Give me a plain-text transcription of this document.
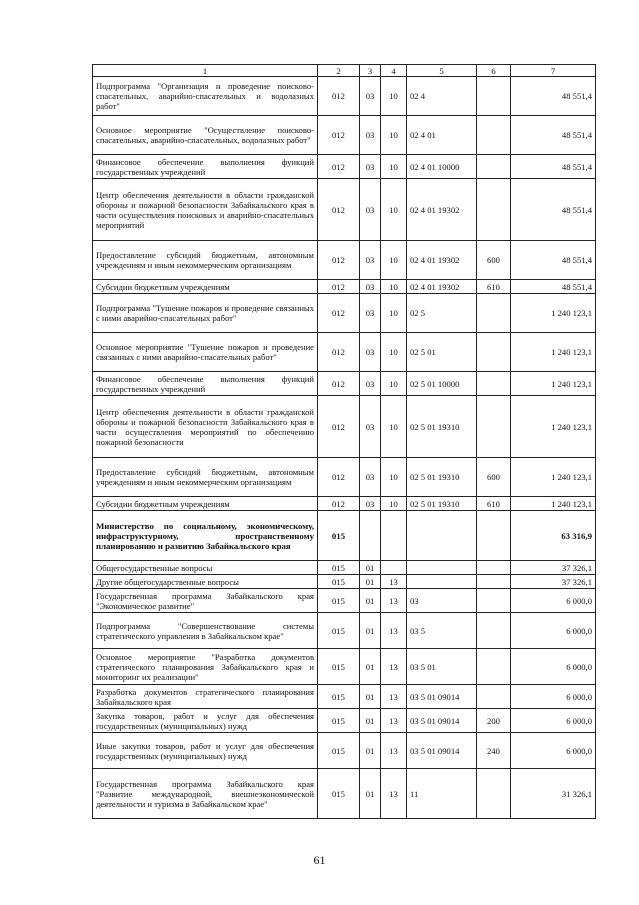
1	2	3	4	5	6	7
Подпрограмма "Организация и проведение поисково-спасательных, аварийно-спасательных и водолазных работ"	012	03	10	02 4		48 551,4
Основное мероприятие "Осуществление поисково-спасательных, аварийно-спасательных, водолазных работ"	012	03	10	02 4 01		48 551,4
Финансовое обеспечение выполнения функций государственных учреждений	012	03	10	02 4 01 10000		48 551,4
Центр обеспечения деятельности в области гражданской обороны и пожарной безопасности Забайкальского края в части осуществления поисковых и аварийно-спасательных мероприятий	012	03	10	02 4 01 19302		48 551,4
Предоставление субсидий бюджетным, автономным учреждениям и иным некоммерческим организациям	012	03	10	02 4 01 19302	600	48 551,4
Субсидии бюджетным учреждениям	012	03	10	02 4 01 19302	610	48 551,4
Подпрограмма "Тушение пожаров и проведение связанных с ними аварийно-спасательных работ"	012	03	10	02 5		1 240 123,1
Основное мероприятие "Тушение пожаров и проведение связанных с ними аварийно-спасательных работ"	012	03	10	02 5 01		1 240 123,1
Финансовое обеспечение выполнения функций государственных учреждений	012	03	10	02 5 01 10000		1 240 123,1
Центр обеспечения деятельности в области гражданской обороны и пожарной безопасности Забайкальского края в части осуществления мероприятий по обеспечению пожарной безопасности	012	03	10	02 5 01 19310		1 240 123,1
Предоставление субсидий бюджетным, автономным учреждениям и иным некоммерческим организациям	012	03	10	02 5 01 19310	600	1 240 123,1
Субсидии бюджетным учреждениям	012	03	10	02 5 01 19310	610	1 240 123,1
Министерство по социальному, экономическому, инфраструктурному, пространственному планированию и развитию Забайкальского края	015					63 316,9
Общегосударственные вопросы	015	01				37 326,1
Другие общегосударственные вопросы	015	01	13			37 326,1
Государственная программа Забайкальского края "Экономическое развитие"	015	01	13	03		6 000,0
Подпрограмма "Совершенствование системы стратегического управления в Забайкальском крае"	015	01	13	03 5		6 000,0
Основное мероприятие "Разработка документов стратегического планирования Забайкальского края и мониторинг их реализации"	015	01	13	03 5 01		6 000,0
Разработка документов стратегического планирования Забайкальского края	015	01	13	03 5 01 09014		6 000,0
Закупка товаров, работ и услуг для обеспечения государственных (муниципальных) нужд	015	01	13	03 5 01 09014	200	6 000,0
Иные закупки товаров, работ и услуг для обеспечения государственных (муниципальных) нужд	015	01	13	03 5 01 09014	240	6 000,0
Государственная программа Забайкальского края "Развитие международной, внешнеэкономической деятельности и туризма в Забайкальском крае"	015	01	13	11		31 326,1
61
